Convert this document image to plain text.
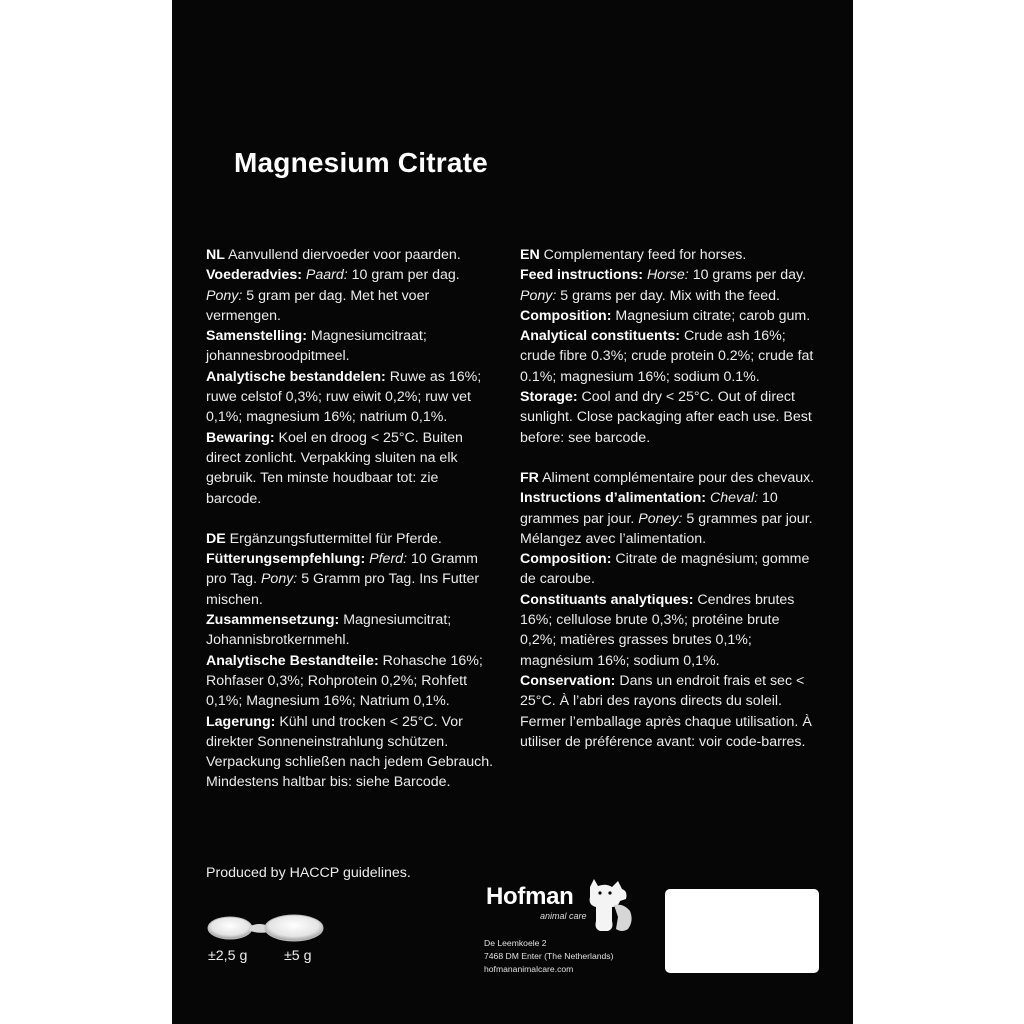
Magnesium Citrate

NL Aanvullend diervoeder voor paarden.

Voederadvies: Paard: 10 gram per dag. Pony: 5 gram per dag. Met het voer vermengen.

Samenstelling: Magnesiumcitraat; johannesbroodpitmeel.

Analytische bestanddelen: Ruwe as 16%; ruwe celstof 0,3%; ruw eiwit 0,2%; ruw vet 0,1%; magnesium 16%; natrium 0,1%.

Bewaring: Koel en droog < 25°C. Buiten direct zonlicht. Verpakking sluiten na elk gebruik. Ten minste houdbaar tot: zie barcode.

DE Ergänzungsfuttermittel für Pferde.

Fütterungsempfehlung: Pferd: 10 Gramm pro Tag. Pony: 5 Gramm pro Tag. Ins Futter mischen.

Zusammensetzung: Magnesiumcitrat; Johannisbrotkernmehl.

Analytische Bestandteile: Rohasche 16%; Rohfaser 0,3%; Rohprotein 0,2%; Rohfett 0,1%; Magnesium 16%; Natrium 0,1%.

Lagerung: Kühl und trocken < 25°C. Vor direkter Sonneneinstrahlung schützen. Verpackung schließen nach jedem Gebrauch. Mindestens haltbar bis: siehe Barcode.

EN Complementary feed for horses.

Feed instructions: Horse: 10 grams per day. Pony: 5 grams per day. Mix with the feed.

Composition: Magnesium citrate; carob gum.

Analytical constituents: Crude ash 16%; crude fibre 0.3%; crude protein 0.2%; crude fat 0.1%; magnesium 16%; sodium 0.1%.

Storage: Cool and dry < 25°C. Out of direct sunlight. Close packaging after each use. Best before: see barcode.

FR Aliment complémentaire pour des chevaux.

Instructions d’alimentation: Cheval: 10 grammes par jour. Poney: 5 grammes par jour. Mélangez avec l’alimentation.

Composition: Citrate de magnésium; gomme de caroube.

Constituants analytiques: Cendres brutes 16%; cellulose brute 0,3%; protéine brute 0,2%; matières grasses brutes 0,1%; magnésium 16%; sodium 0,1%.

Conservation: Dans un endroit frais et sec < 25°C. À l’abri des rayons directs du soleil. Fermer l’emballage après chaque utilisation. À utiliser de préférence avant: voir code-barres.

Produced by HACCP guidelines.
±2,5 g	±5 g
Hofman
animal care
De Leemkoele 2
7468 DM Enter (The Netherlands)
hofmananimalcare.com
